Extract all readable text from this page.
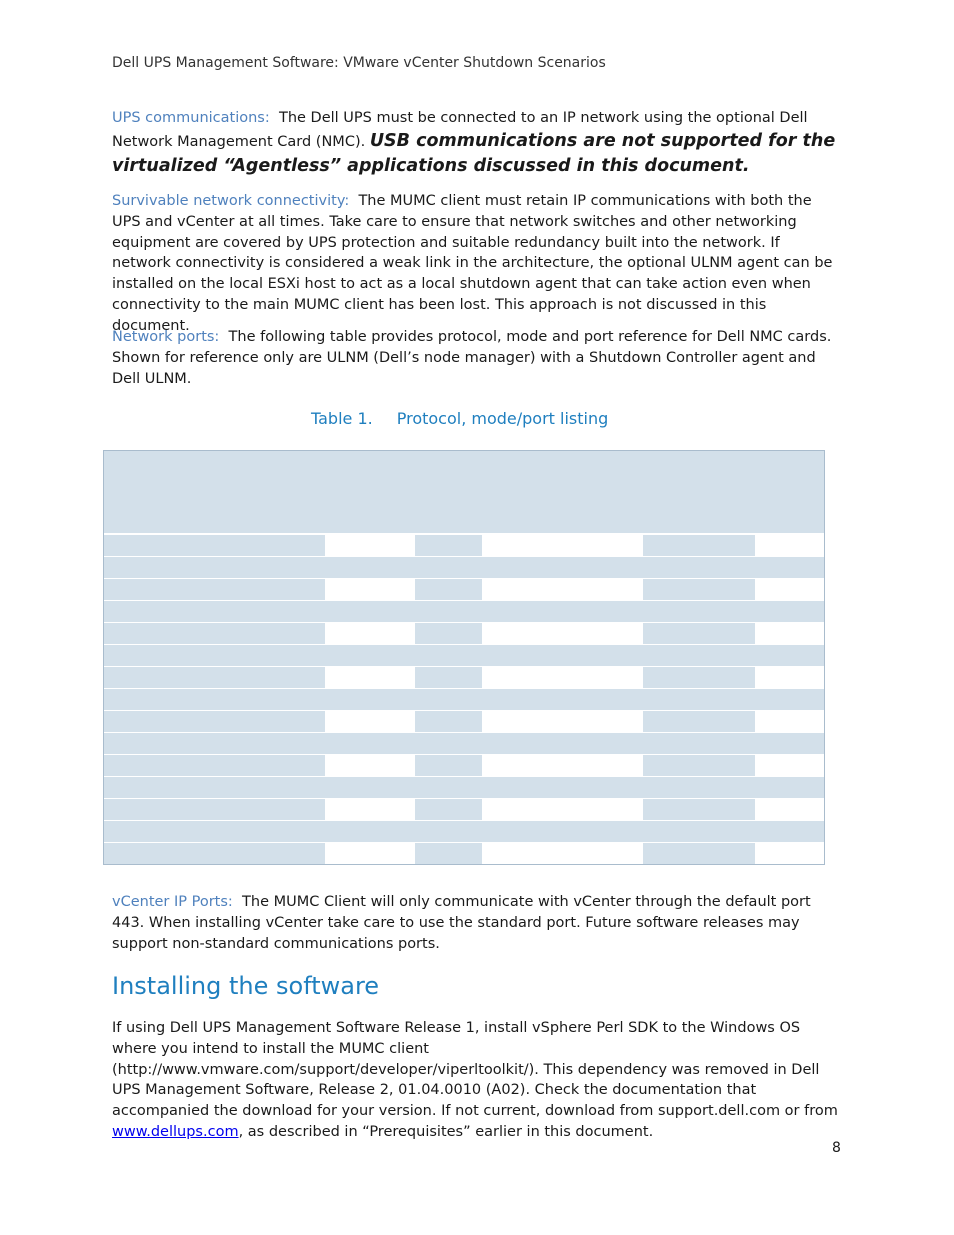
Dell UPS Management Software: VMware vCenter Shutdown Scenarios

UPS communications: The Dell UPS must be connected to an IP network using the optional Dell Network Management Card (NMC). USB communications are not supported for the virtualized “Agentless” applications discussed in this document.

Survivable network connectivity: The MUMC client must retain IP communications with both the UPS and vCenter at all times. Take care to ensure that network switches and other networking equipment are covered by UPS protection and suitable redundancy built into the network. If network connectivity is considered a weak link in the architecture, the optional ULNM agent can be installed on the local ESXi host to act as a local shutdown agent that can take action even when connectivity to the main MUMC client has been lost. This approach is not discussed in this document.

Network ports: The following table provides protocol, mode and port reference for Dell NMC cards. Shown for reference only are ULNM (Dell’s node manager) with a Shutdown Controller agent and Dell ULNM.

Table 1. Protocol, mode/port listing

vCenter IP Ports: The MUMC Client will only communicate with vCenter through the default port 443. When installing vCenter take care to use the standard port. Future software releases may support non-standard communications ports.

Installing the software

If using Dell UPS Management Software Release 1, install vSphere Perl SDK to the Windows OS where you intend to install the MUMC client (http://www.vmware.com/support/developer/viperltoolkit/). This dependency was removed in Dell UPS Management Software, Release 2, 01.04.0010 (A02). Check the documentation that accompanied the download for your version. If not current, download from support.dell.com or from www.dellups.com, as described in “Prerequisites” earlier in this document.

8
